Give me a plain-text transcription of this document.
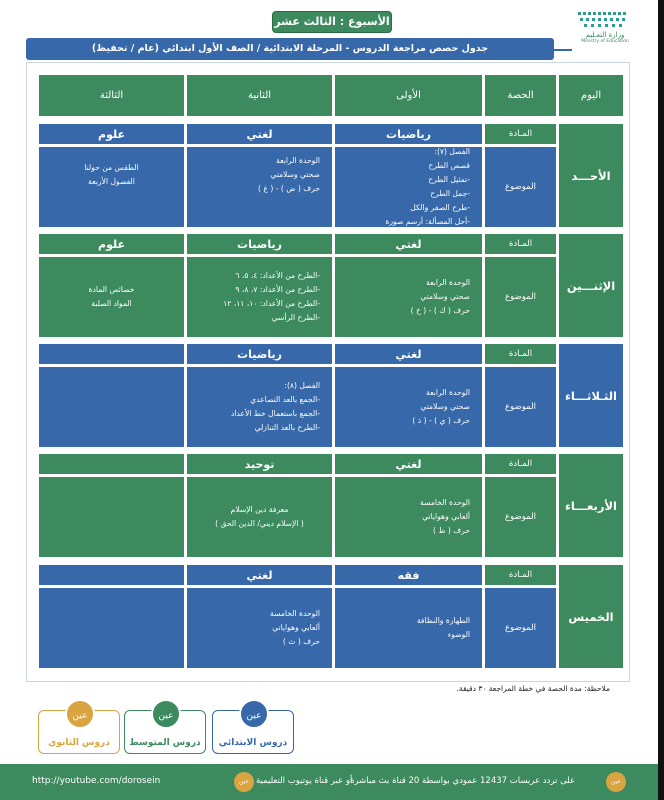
الأسبوع : الثالث عشر
وزارة التعـليم
Ministry of Education
جدول حصص مراجعة الدروس - المرحلة الابتدائية / الصف الأول ابتدائي (عام / تحفيظ)
اليوم
الحصة
الأولى
الثانية
الثالثة
الأحـــد
المـادة
الموضوع
رياضيات
لغتي
علوم
الفصل (٧):
قصص الطرح
-تمثيل الطرح
-جمل الطرح
-طرح الصفر والكل
-أحل المسألة: أرسم صورة
الوحدة الرابعة
صحتي وسلامتي
حرف ( ض ) - ( غ )
الطقس من حولنا
الفصول الأربعة
الإثنـــين
المـادة
الموضوع
لغتي
رياضيات
علوم
الوحدة الرابعة
صحتي وسلامتي
حرف ( ك ) - ( خ )
-الطرح من الأعداد: ٤، ٥، ٦
-الطرح من الأعداد: ٧، ٨، ٩
-الطرح من الأعداد: ١٠، ١١، ١٢
-الطرح الرأسي
خصائص المادة
المواد الصلبة
الثـلاثـــاء
المـادة
الموضوع
لغتي
رياضيات
الوحدة الرابعة
صحتي وسلامتي
حرف ( ي ) - ( ذ )
الفصل (٨):
-الجمع بالعد التصاعدي
-الجمع باستعمال خط الأعداد
-الطرح بالعد التنازلي
الأربعـــاء
المـادة
الموضوع
لغتي
توحيد
الوحدة الخامسة
ألعابي وهواياتي
حرف ( ظ )
معرفة دين الإسلام
( الإسلام ديني/ الدين الحق )
الخميس
المـادة
الموضوع
فقه
لغتي
الطهارة والنظافة
الوضوء
الوحدة الخامسة
ألعابي وهواياتي
حرف ( ث )
ملاحظة: مدة الحصة في خطة المراجعة ٣٠ دقيقة.
عين
دروس الثانوي
عين
دروس المتوسط
عين
دروس الابتدائي
http://youtube.com/dorosein	عين أو عبر قناة يوتيوب التعليمية
على تردد عربسات 12437 عمودي بواسطة 20 قناة بث مباشرة	عين
